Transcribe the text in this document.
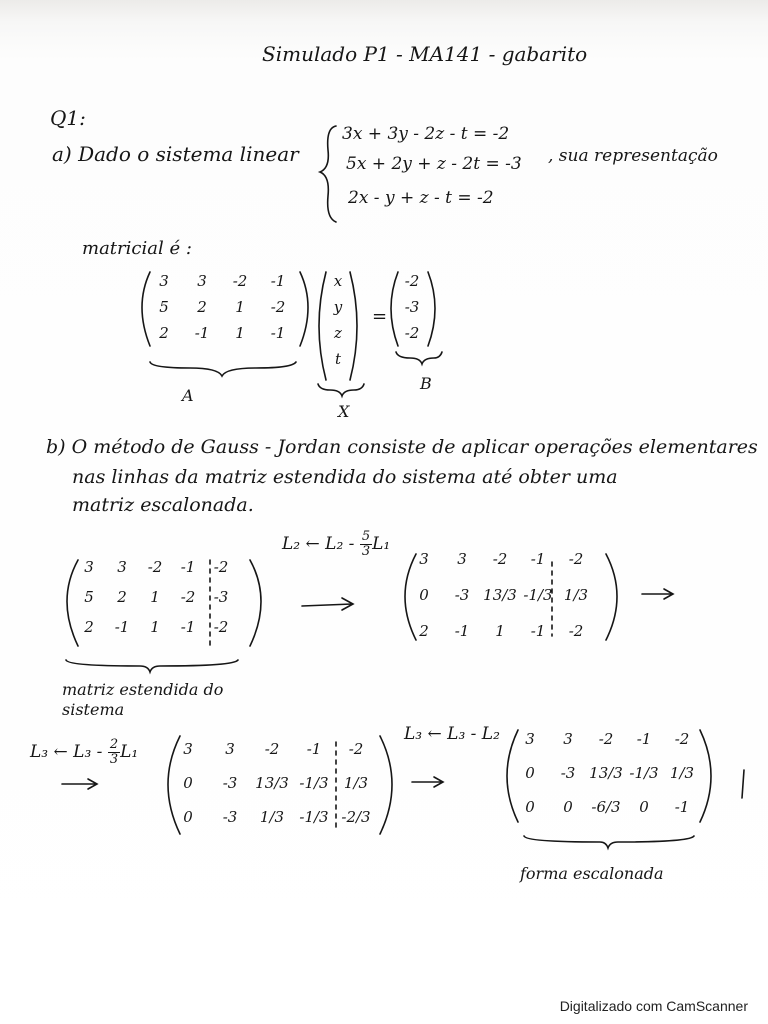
Simulado P1 - MA141 - gabarito
Q1:
a) Dado o sistema linear
3x + 3y - 2z - t = -2
5x + 2y + z - 2t = -3
2x - y + z - t = -2
, sua representação
matricial é :
3	3	-2	-1
5	2	1	-2
2	-1	1	-1
x
y
z
t
-2
-3
-2
=
A
X
B
b) O método de Gauss - Jordan consiste de aplicar operações elementares
nas linhas da matriz estendida do sistema até obter uma
matriz escalonada.
L₂ ← $L_2 - \frac{5}{3} L_1$
L₃ ← $L_3 - \frac{2}{3} L_1$
L₃ ← L₃ - L₂
3	3	-2	-1	-2
5	2	1	-2	-3
2	-1	1	-1	-2
3	3	-2	-1	-2
0	-3 13/3 -1/3 1/3
2	-1	1	-1	-2
3	3	-2	-1	-2
0	-3	13/3 -1/3	1/3
0	-3	1/3	-1/3 -2/3
3	3	-2	-1	-2
0	-3 13/3 -1/3 1/3
0	0	-6/3	0	-1
matriz estendida do sistema
forma escalonada
Digitalizado com CamScanner
